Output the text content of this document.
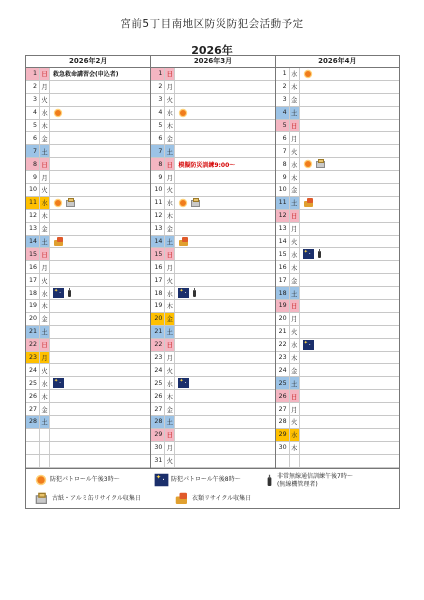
宮前5丁目南地区防災防犯会活動予定
2026年
2026年2月
1 日 救急救命講習会(申込者)
2 月
3 火
4 水
5 木
6 金
7 土
8 日
9 月
10 火
11 水
12 木
13 金
14 土
15 日
16 月
17 火
18 水
✦ ·
19 木
20 金
21 土
22 日
23 月
24 火
25 水
✦ ·
26 木
27 金
28 土
2026年3月
1 日
2 月
3 火
4 水
5 木
6 金
7 土
8 日 模擬防災訓練9:00〜
9 月
10 火
11 水
12 木
13 金
14 土
15 日
16 月
17 火
18 水
✦ ·
19 木
20 金
21 土
22 日
23 月
24 火
25 水
✦ ·
26 木
27 金
28 土
29 日
30 月
31 火
2026年4月
1 水
2 木
3 金
4 土
5 日
6 月
7 火
8 水
9 木
10 金
11 土
12 日
13 月
14 火
15 水
✦ ·
16 木
17 金
18 土
19 日
20 月
21 火
22 水
✦ ·
23 木
24 金
25 土
26 日
27 月
28 火
29 水
30 木
防犯パトロール午後3時〜
✦ ·	防犯パトロール午後8時〜	非常無線通信訓練午後7時〜
(無線機管理者)
古紙・アルミ缶リサイクル収集日	衣類リサイクル収集日
